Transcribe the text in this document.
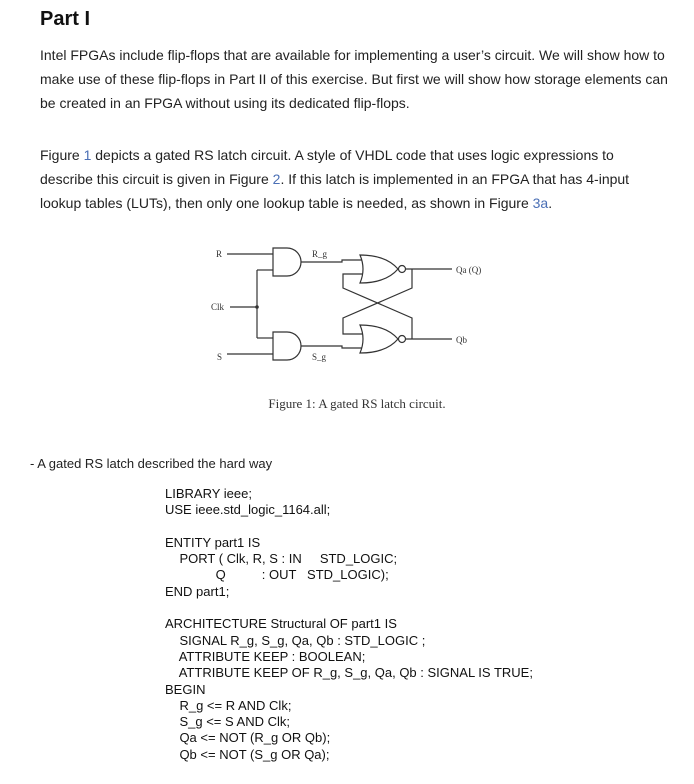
Part I

Intel FPGAs include flip-flops that are available for implementing a user’s circuit. We will show how to make use of these flip-flops in Part II of this exercise. But first we will show how storage elements can be created in an FPGA without using its dedicated flip-flops.

Figure 1 depicts a gated RS latch circuit. A style of VHDL code that uses logic expressions to describe this circuit is given in Figure 2. If this latch is implemented in an FPGA that has 4-input lookup tables (LUTs), then only one lookup table is needed, as shown in Figure 3a.

R
Clk
S
R_g
S_g
Qa (Q)
Qb
Figure 1: A gated RS latch circuit.
- A gated RS latch described the hard way
LIBRARY ieee;
USE ieee.std_logic_1164.all;
ENTITY part1 IS
PORT ( Clk, R, S : IN     STD_LOGIC;
Q          : OUT   STD_LOGIC);
END part1;
ARCHITECTURE Structural OF part1 IS
SIGNAL R_g, S_g, Qa, Qb : STD_LOGIC ;
ATTRIBUTE KEEP : BOOLEAN;
ATTRIBUTE KEEP OF R_g, S_g, Qa, Qb : SIGNAL IS TRUE;
BEGIN
R_g <= R AND Clk;
S_g <= S AND Clk;
Qa <= NOT (R_g OR Qb);
Qb <= NOT (S_g OR Qa);
